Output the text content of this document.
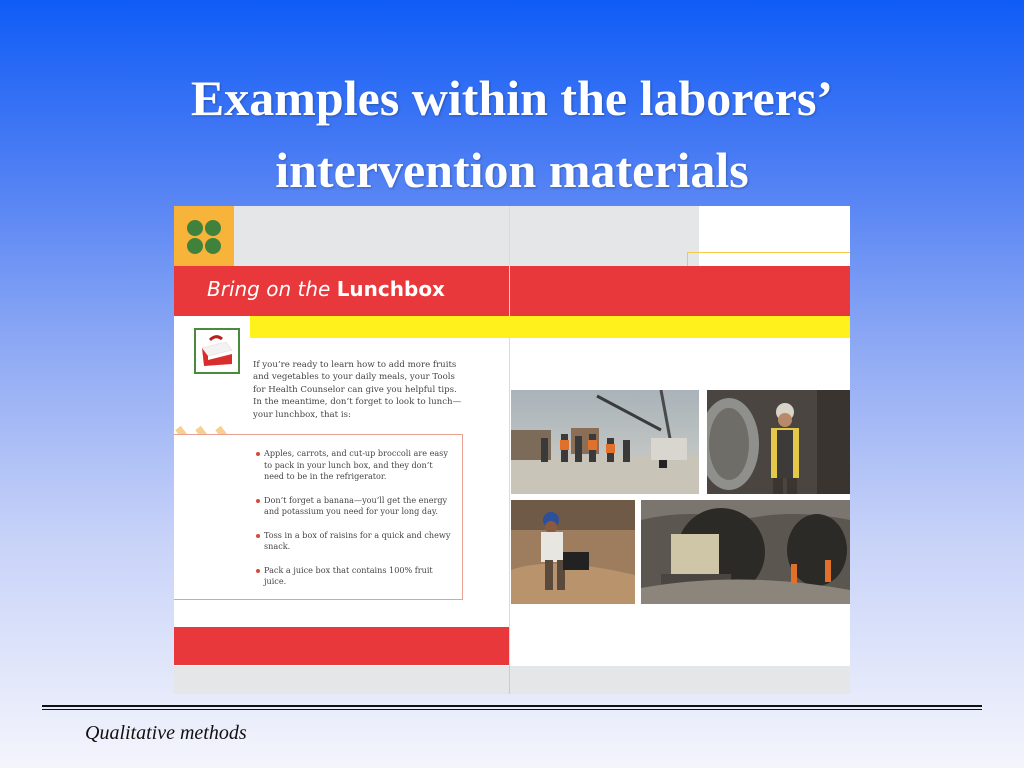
Examples within the laborers’
intervention materials
Bring on the Lunchbox
If you’re ready to learn how to add more fruits and vegetables to your daily meals, your Tools for Health Counselor can give you helpful tips. In the meantime, don’t forget to look to lunch—your lunchbox, that is:
Apples, carrots, and cut-up broccoli are easy to pack in your lunch box, and they don’t need to be in the refrigerator.
Don’t forget a banana—you’ll get the energy and potassium you need for your long day.
Toss in a box of raisins for a quick and chewy snack.
Pack a juice box that contains 100% fruit juice.
Qualitative methods
